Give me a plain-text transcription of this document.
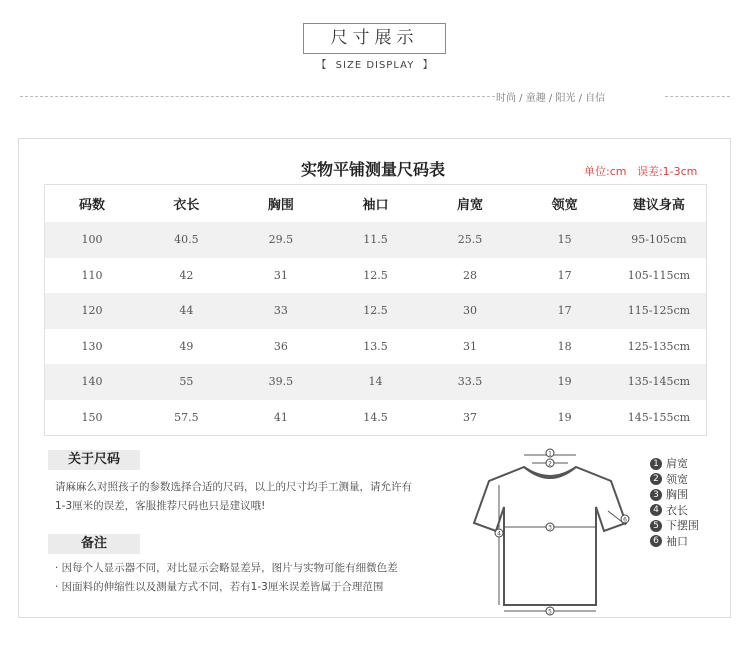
尺寸展示
【  SIZE DISPLAY  】
时尚 / 童趣 / 阳光 / 自信
实物平铺测量尺码表	单位:cm   误差:1-3cm
码数	衣长	胸围	袖口	肩宽	领宽	建议身高
100	40.5	29.5	11.5	25.5	15	95-105cm
110	42	31	12.5	28	17	105-115cm
120	44	33	12.5	30	17	115-125cm
130	49	36	13.5	31	18	125-135cm
140	55	39.5	14	33.5	19	135-145cm
150	57.5	41	14.5	37	19	145-155cm
关于尺码
请麻麻么对照孩子的参数选择合适的尺码，以上的尺寸均手工测量，请允许有
1-3厘米的误差，客服推荐尺码也只是建议哦!
备注
· 因每个人显示器不同，对比显示会略显差异，图片与实物可能有细微色差
· 因面料的伸缩性以及测量方式不同，若有1-3厘米误差皆属于合理范围
1
2
3
4
5
6
1 肩宽
2 领宽
3 胸围
4 衣长
5 下摆围
6 袖口
